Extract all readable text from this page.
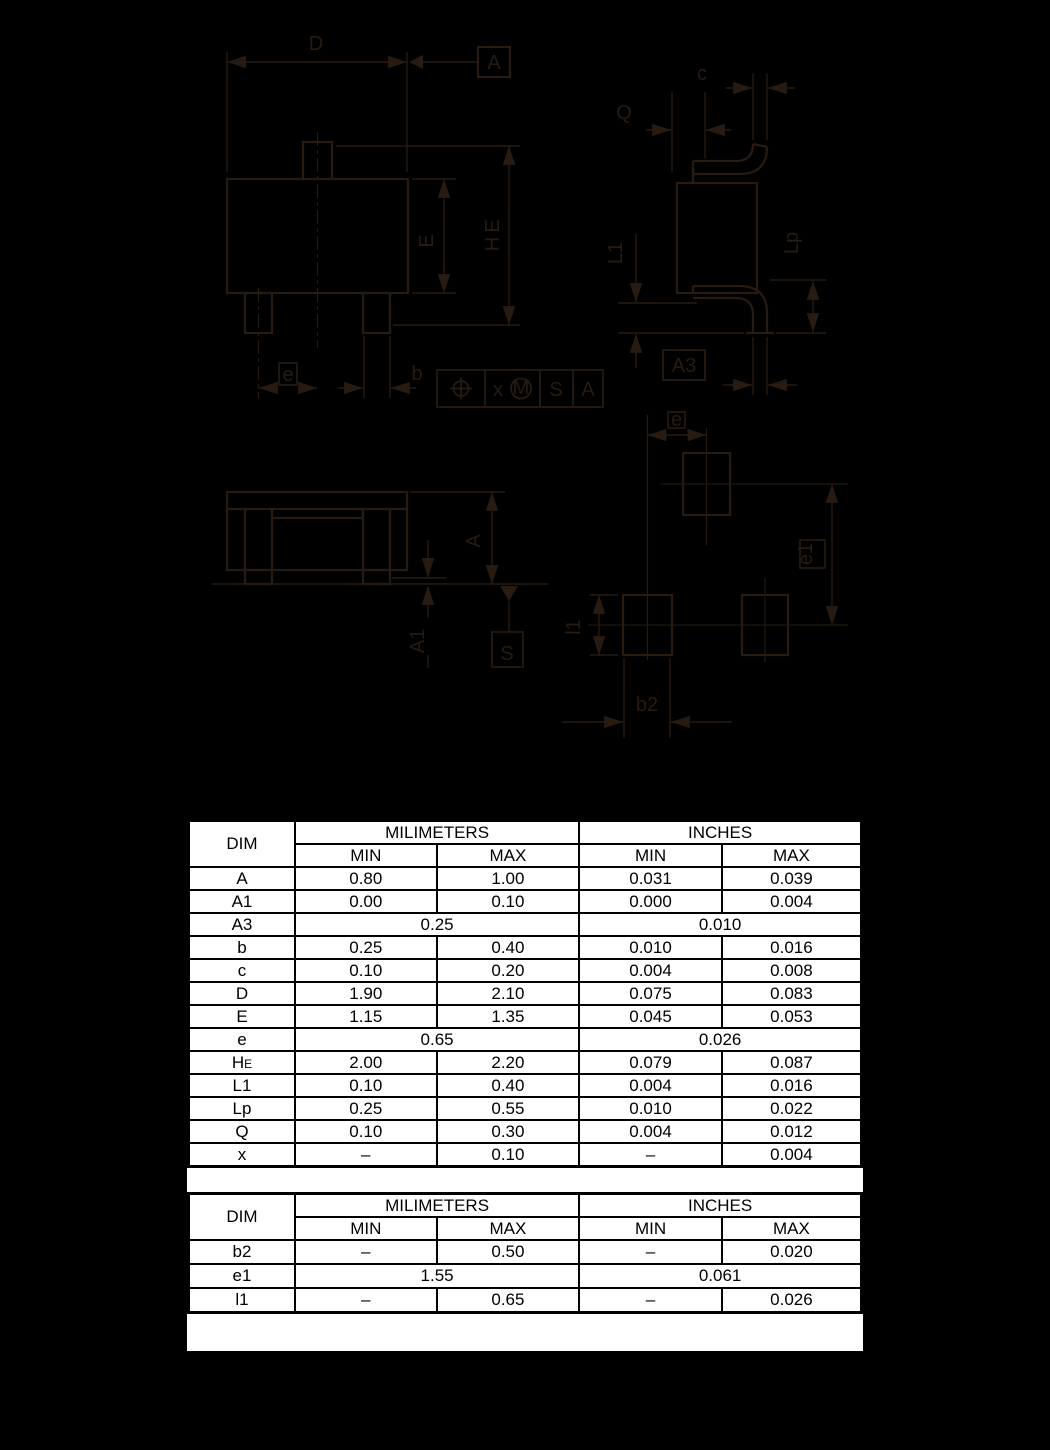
A
D
E H
E
e	b
x M S A
c
Q
L1	Lp
A3
A
A1
S
e
e1
l1
b2
DIM	MILIMETERS		INCHES	
	MIN	MAX	MIN	MAX
A	0.80	1.00	0.031	0.039
A1	0.00	0.10	0.000	0.004
A3	0.25		0.010	
b	0.25	0.40	0.010	0.016
c	0.10	0.20	0.004	0.008
D	1.90	2.10	0.075	0.083
E	1.15	1.35	0.045	0.053
e	0.65		0.026	
HE	2.00	2.20	0.079	0.087
L1	0.10	0.40	0.004	0.016
Lp	0.25	0.55	0.010	0.022
Q	0.10	0.30	0.004	0.012
x	–	0.10	–	0.004
DIM	MILIMETERS		INCHES	
	MIN	MAX	MIN	MAX
b2	–	0.50	–	0.020
e1	1.55		0.061	
l1	–	0.65	–	0.026
